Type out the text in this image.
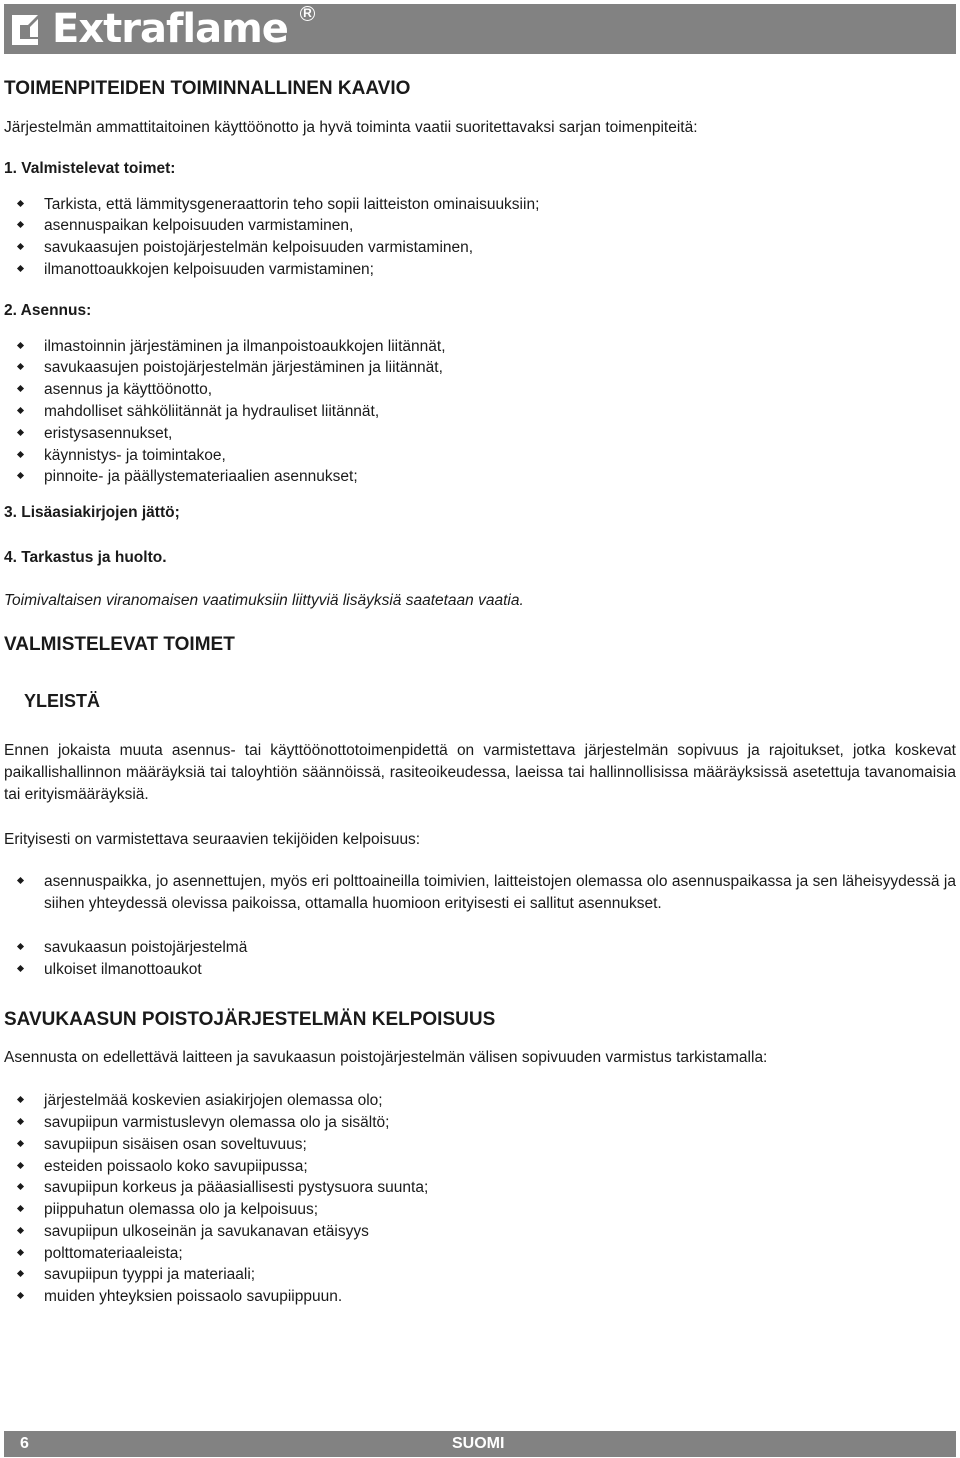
Extraflame R
TOIMENPITEIDEN TOIMINNALLINEN KAAVIO

Järjestelmän ammattitaitoinen käyttöönotto ja hyvä toiminta vaatii suoritettavaksi sarjan toimenpiteitä:

1. Valmistelevat toimet:

Tarkista, että lämmitysgeneraattorin teho sopii laitteiston ominaisuuksiin;
asennuspaikan kelpoisuuden varmistaminen,
savukaasujen poistojärjestelmän kelpoisuuden varmistaminen,
ilmanottoaukkojen kelpoisuuden varmistaminen;

2. Asennus:

ilmastoinnin järjestäminen ja ilmanpoistoaukkojen liitännät,
savukaasujen poistojärjestelmän järjestäminen ja liitännät,
asennus ja käyttöönotto,
mahdolliset sähköliitännät ja hydrauliset liitännät,
eristysasennukset,
käynnistys- ja toimintakoe,
pinnoite- ja päällystemateriaalien asennukset;

3. Lisäasiakirjojen jättö;

4. Tarkastus ja huolto.

Toimivaltaisen viranomaisen vaatimuksiin liittyviä lisäyksiä saatetaan vaatia.

VALMISTELEVAT TOIMET

YLEISTÄ

Ennen jokaista muuta asennus- tai käyttöönottotoimenpidettä on varmistettava järjestelmän sopivuus ja rajoitukset, jotka koskevat paikallishallinnon määräyksiä tai taloyhtiön säännöissä, rasiteoikeudessa, laeissa tai hallinnollisissa määräyksissä asetettuja tavanomaisia tai erityismääräyksiä.

Erityisesti on varmistettava seuraavien tekijöiden kelpoisuus:

asennuspaikka, jo asennettujen, myös eri polttoaineilla toimivien, laitteistojen olemassa olo asennuspaikassa ja sen läheisyydessä ja siihen yhteydessä olevissa paikoissa, ottamalla huomioon erityisesti ei sallitut asennukset.
savukaasun poistojärjestelmä
ulkoiset ilmanottoaukot

SAVUKAASUN POISTOJÄRJESTELMÄN KELPOISUUS

Asennusta on edellettävä laitteen ja savukaasun poistojärjestelmän välisen sopivuuden varmistus tarkistamalla:

järjestelmää koskevien asiakirjojen olemassa olo;
savupiipun varmistuslevyn olemassa olo ja sisältö;
savupiipun sisäisen osan soveltuvuus;
esteiden poissaolo koko savupiipussa;
savupiipun korkeus ja pääasiallisesti pystysuora suunta;
piippuhatun olemassa olo ja kelpoisuus;
savupiipun ulkoseinän ja savukanavan etäisyys
polttomateriaaleista;
savupiipun tyyppi ja materiaali;
muiden yhteyksien poissaolo savupiippuun.
6	SUOMI
